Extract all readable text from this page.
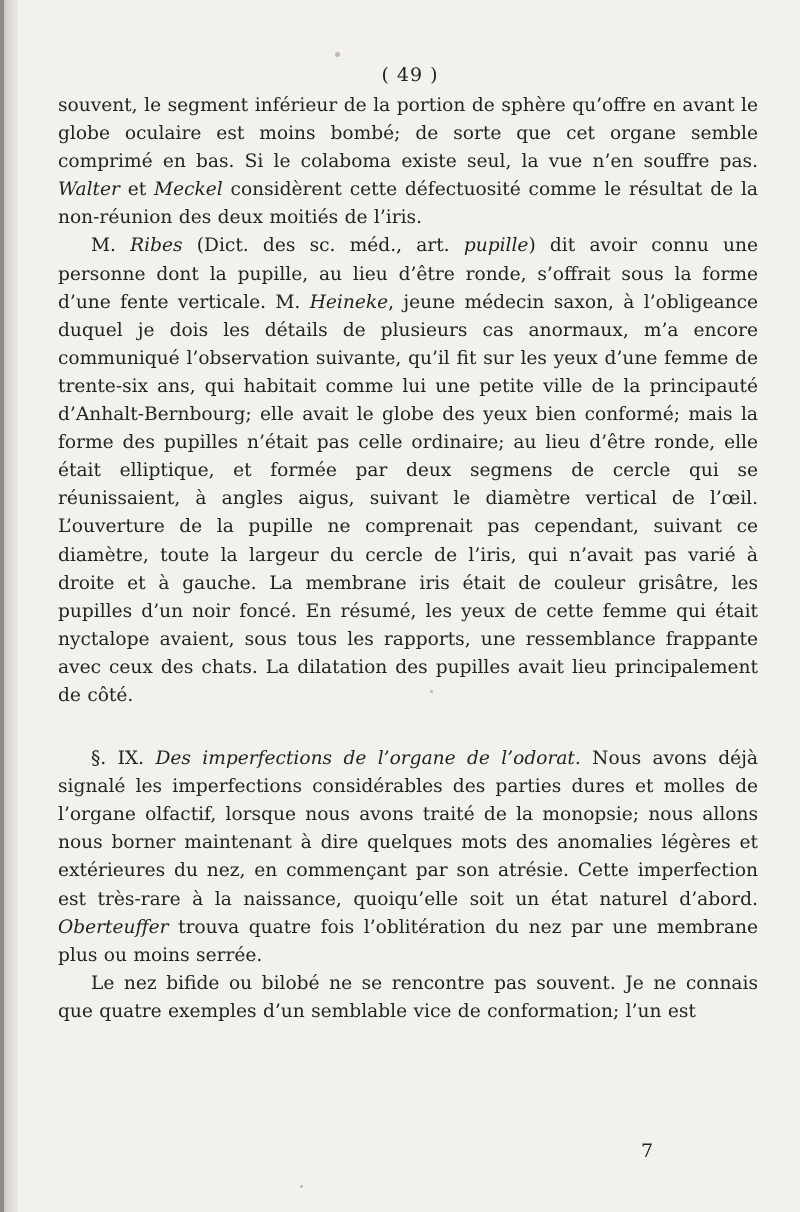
( 49 )

souvent, le segment inférieur de la portion de sphère qu’offre en avant le globe oculaire est moins bombé; de sorte que cet organe semble comprimé en bas. Si le colaboma existe seul, la vue n’en souffre pas. Walter et Meckel considèrent cette défectuosité comme le résultat de la non-réunion des deux moitiés de l’iris.

M. Ribes (Dict. des sc. méd., art. pupille) dit avoir connu une personne dont la pupille, au lieu d’être ronde, s’offrait sous la forme d’une fente verticale. M. Heineke, jeune médecin saxon, à l’obligeance duquel je dois les détails de plusieurs cas anormaux, m’a encore communiqué l’observation suivante, qu’il fit sur les yeux d’une femme de trente-six ans, qui habitait comme lui une petite ville de la principauté d’Anhalt-Bernbourg; elle avait le globe des yeux bien conformé; mais la forme des pupilles n’était pas celle ordinaire; au lieu d’être ronde, elle était elliptique, et formée par deux segmens de cercle qui se réunissaient, à angles aigus, suivant le diamètre vertical de l’œil. L’ouverture de la pupille ne comprenait pas cependant, suivant ce diamètre, toute la largeur du cercle de l’iris, qui n’avait pas varié à droite et à gauche. La membrane iris était de couleur grisâtre, les pupilles d’un noir foncé. En résumé, les yeux de cette femme qui était nyctalope avaient, sous tous les rapports, une ressemblance frappante avec ceux des chats. La dilatation des pupilles avait lieu principalement de côté.

§. IX. Des imperfections de l’organe de l’odorat. Nous avons déjà signalé les imperfections considérables des parties dures et molles de l’organe olfactif, lorsque nous avons traité de la monopsie; nous allons nous borner maintenant à dire quelques mots des anomalies légères et extérieures du nez, en commençant par son atrésie. Cette imperfection est très-rare à la naissance, quoiqu’elle soit un état naturel d’abord. Oberteuffer trouva quatre fois l’oblitération du nez par une membrane plus ou moins serrée.

Le nez bifide ou bilobé ne se rencontre pas souvent. Je ne connais que quatre exemples d’un semblable vice de conformation; l’un est

7
